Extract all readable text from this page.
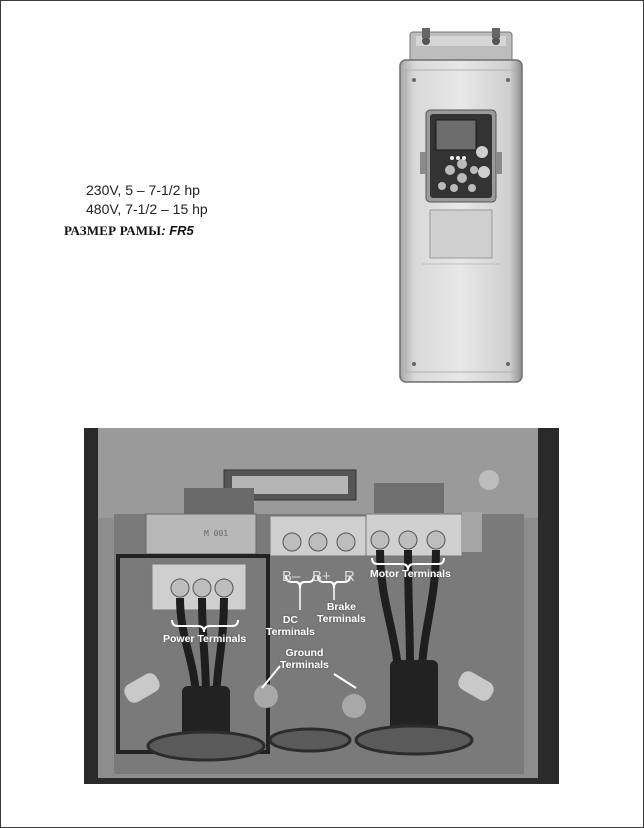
230V, 5 – 7-1/2 hp
480V, 7-1/2 – 15 hp
РАЗМЕР РАМЫ: FR5
M 001
B– B+ R Motor Terminals
Power Terminals
DC
Terminals
Brake
Terminals
Ground
Terminals
